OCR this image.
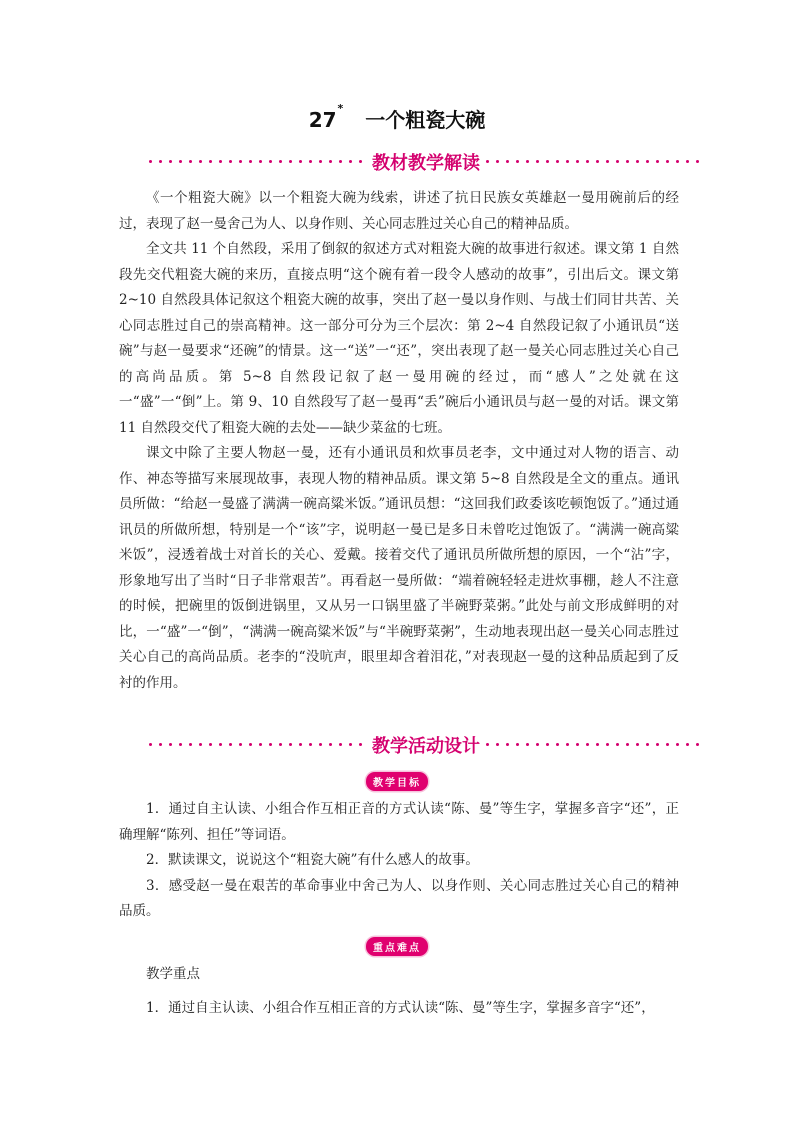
27* 一个粗瓷大碗
教材教学解读

《一个粗瓷大碗》以一个粗瓷大碗为线索，讲述了抗日民族女英雄赵一曼用碗前后的经过，表现了赵一曼舍己为人、以身作则、关心同志胜过关心自己的精神品质。

全文共 11 个自然段，采用了倒叙的叙述方式对粗瓷大碗的故事进行叙述。课文第 1 自然段先交代粗瓷大碗的来历，直接点明“这个碗有着一段令人感动的故事”，引出后文。课文第 2~10 自然段具体记叙这个粗瓷大碗的故事，突出了赵一曼以身作则、与战士们同甘共苦、关心同志胜过自己的崇高精神。这一部分可分为三个层次：第 2~4 自然段记叙了小通讯员“送碗”与赵一曼要求“还碗”的情景。这一“送”一“还”，突出表现了赵一曼关心同志胜过关心自己的高尚品质。第 5~8 自然段记叙了赵一曼用碗的经过，而“感人”之处就在这一“盛”一“倒”上。第 9、10 自然段写了赵一曼再“丢”碗后小通讯员与赵一曼的对话。课文第 11 自然段交代了粗瓷大碗的去处——缺少菜盆的七班。

课文中除了主要人物赵一曼，还有小通讯员和炊事员老李，文中通过对人物的语言、动作、神态等描写来展现故事，表现人物的精神品质。课文第 5~8 自然段是全文的重点。通讯员所做：“给赵一曼盛了满满一碗高粱米饭。”通讯员想：“这回我们政委该吃顿饱饭了。”通过通讯员的所做所想，特别是一个“该”字，说明赵一曼已是多日未曾吃过饱饭了。“满满一碗高粱米饭”，浸透着战士对首长的关心、爱戴。接着交代了通讯员所做所想的原因，一个“沾”字，形象地写出了当时“日子非常艰苦”。再看赵一曼所做：“端着碗轻轻走进炊事棚，趁人不注意的时候，把碗里的饭倒进锅里，又从另一口锅里盛了半碗野菜粥。”此处与前文形成鲜明的对比，一“盛”一“倒”，“满满一碗高粱米饭”与“半碗野菜粥”，生动地表现出赵一曼关心同志胜过关心自己的高尚品质。老李的“没吭声，眼里却含着泪花，”对表现赵一曼的这种品质起到了反衬的作用。

教学活动设计
教学目标

1．通过自主认读、小组合作互相正音的方式认读“陈、曼”等生字，掌握多音字“还”，正确理解“陈列、担任”等词语。

2．默读课文，说说这个“粗瓷大碗”有什么感人的故事。

3．感受赵一曼在艰苦的革命事业中舍己为人、以身作则、关心同志胜过关心自己的精神品质。

重点难点

教学重点

1．通过自主认读、小组合作互相正音的方式认读“陈、曼”等生字，掌握多音字“还”，
